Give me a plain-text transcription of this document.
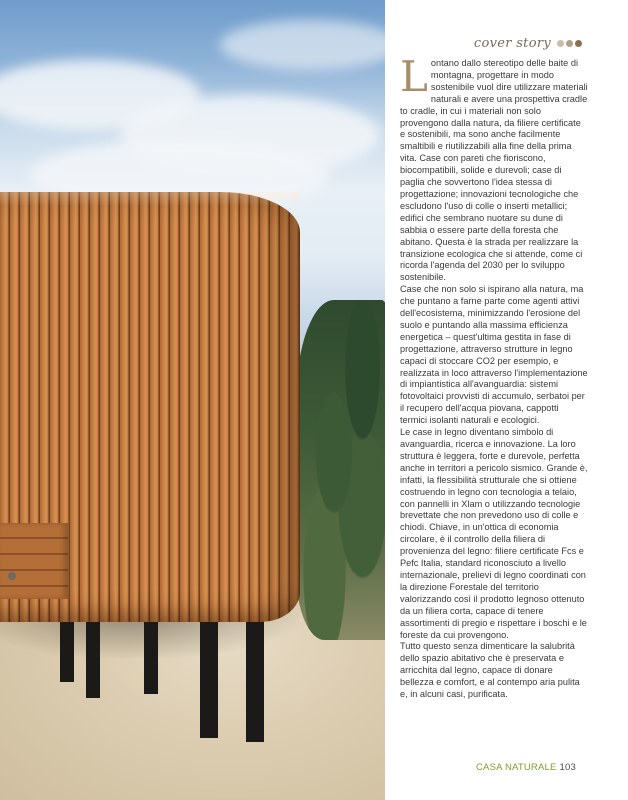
cover story

Lontano dallo stereotipo delle baite di montagna, progettare in modo sostenibile vuol dire utilizzare materiali naturali e avere una prospettiva cradle to cradle, in cui i materiali non solo provengono dalla natura, da filiere certificate e sostenibili, ma sono anche facilmente smaltibili e riutilizzabili alla fine della prima vita. Case con pareti che fioriscono, biocompatibili, solide e durevoli; case di paglia che sovvertono l'idea stessa di progettazione; innovazioni tecnologiche che escludono l'uso di colle o inserti metallici; edifici che sembrano nuotare su dune di sabbia o essere parte della foresta che abitano. Questa è la strada per realizzare la transizione ecologica che si attende, come ci ricorda l'agenda del 2030 per lo sviluppo sostenibile.

Case che non solo si ispirano alla natura, ma che puntano a farne parte come agenti attivi dell'ecosistema, minimizzando l'erosione del suolo e puntando alla massima efficienza energetica – quest'ultima gestita in fase di progettazione, attraverso strutture in legno capaci di stoccare CO2 per esempio, e realizzata in loco attraverso l'implementazione di impiantistica all'avanguardia: sistemi fotovoltaici provvisti di accumulo, serbatoi per il recupero dell'acqua piovana, cappotti termici isolanti naturali e ecologici.

Le case in legno diventano simbolo di avanguardia, ricerca e innovazione. La loro struttura è leggera, forte e durevole, perfetta anche in territori a pericolo sismico. Grande è, infatti, la flessibilità strutturale che si ottiene costruendo in legno con tecnologia a telaio, con pannelli in Xlam o utilizzando tecnologie brevettate che non prevedono uso di colle e chiodi. Chiave, in un'ottica di economia circolare, è il controllo della filiera di provenienza del legno: filiere certificate Fcs e Pefc Italia, standard riconosciuto a livello internazionale, prelievi di legno coordinati con la direzione Forestale del territorio valorizzando così il prodotto legnoso ottenuto da un filiera corta, capace di tenere assortimenti di pregio e rispettare i boschi e le foreste da cui provengono.

Tutto questo senza dimenticare la salubrità dello spazio abitativo che è preservata e arricchita dal legno, capace di donare bellezza e comfort, e al contempo aria pulita e, in alcuni casi, purificata.

CASA NATURALE 103
